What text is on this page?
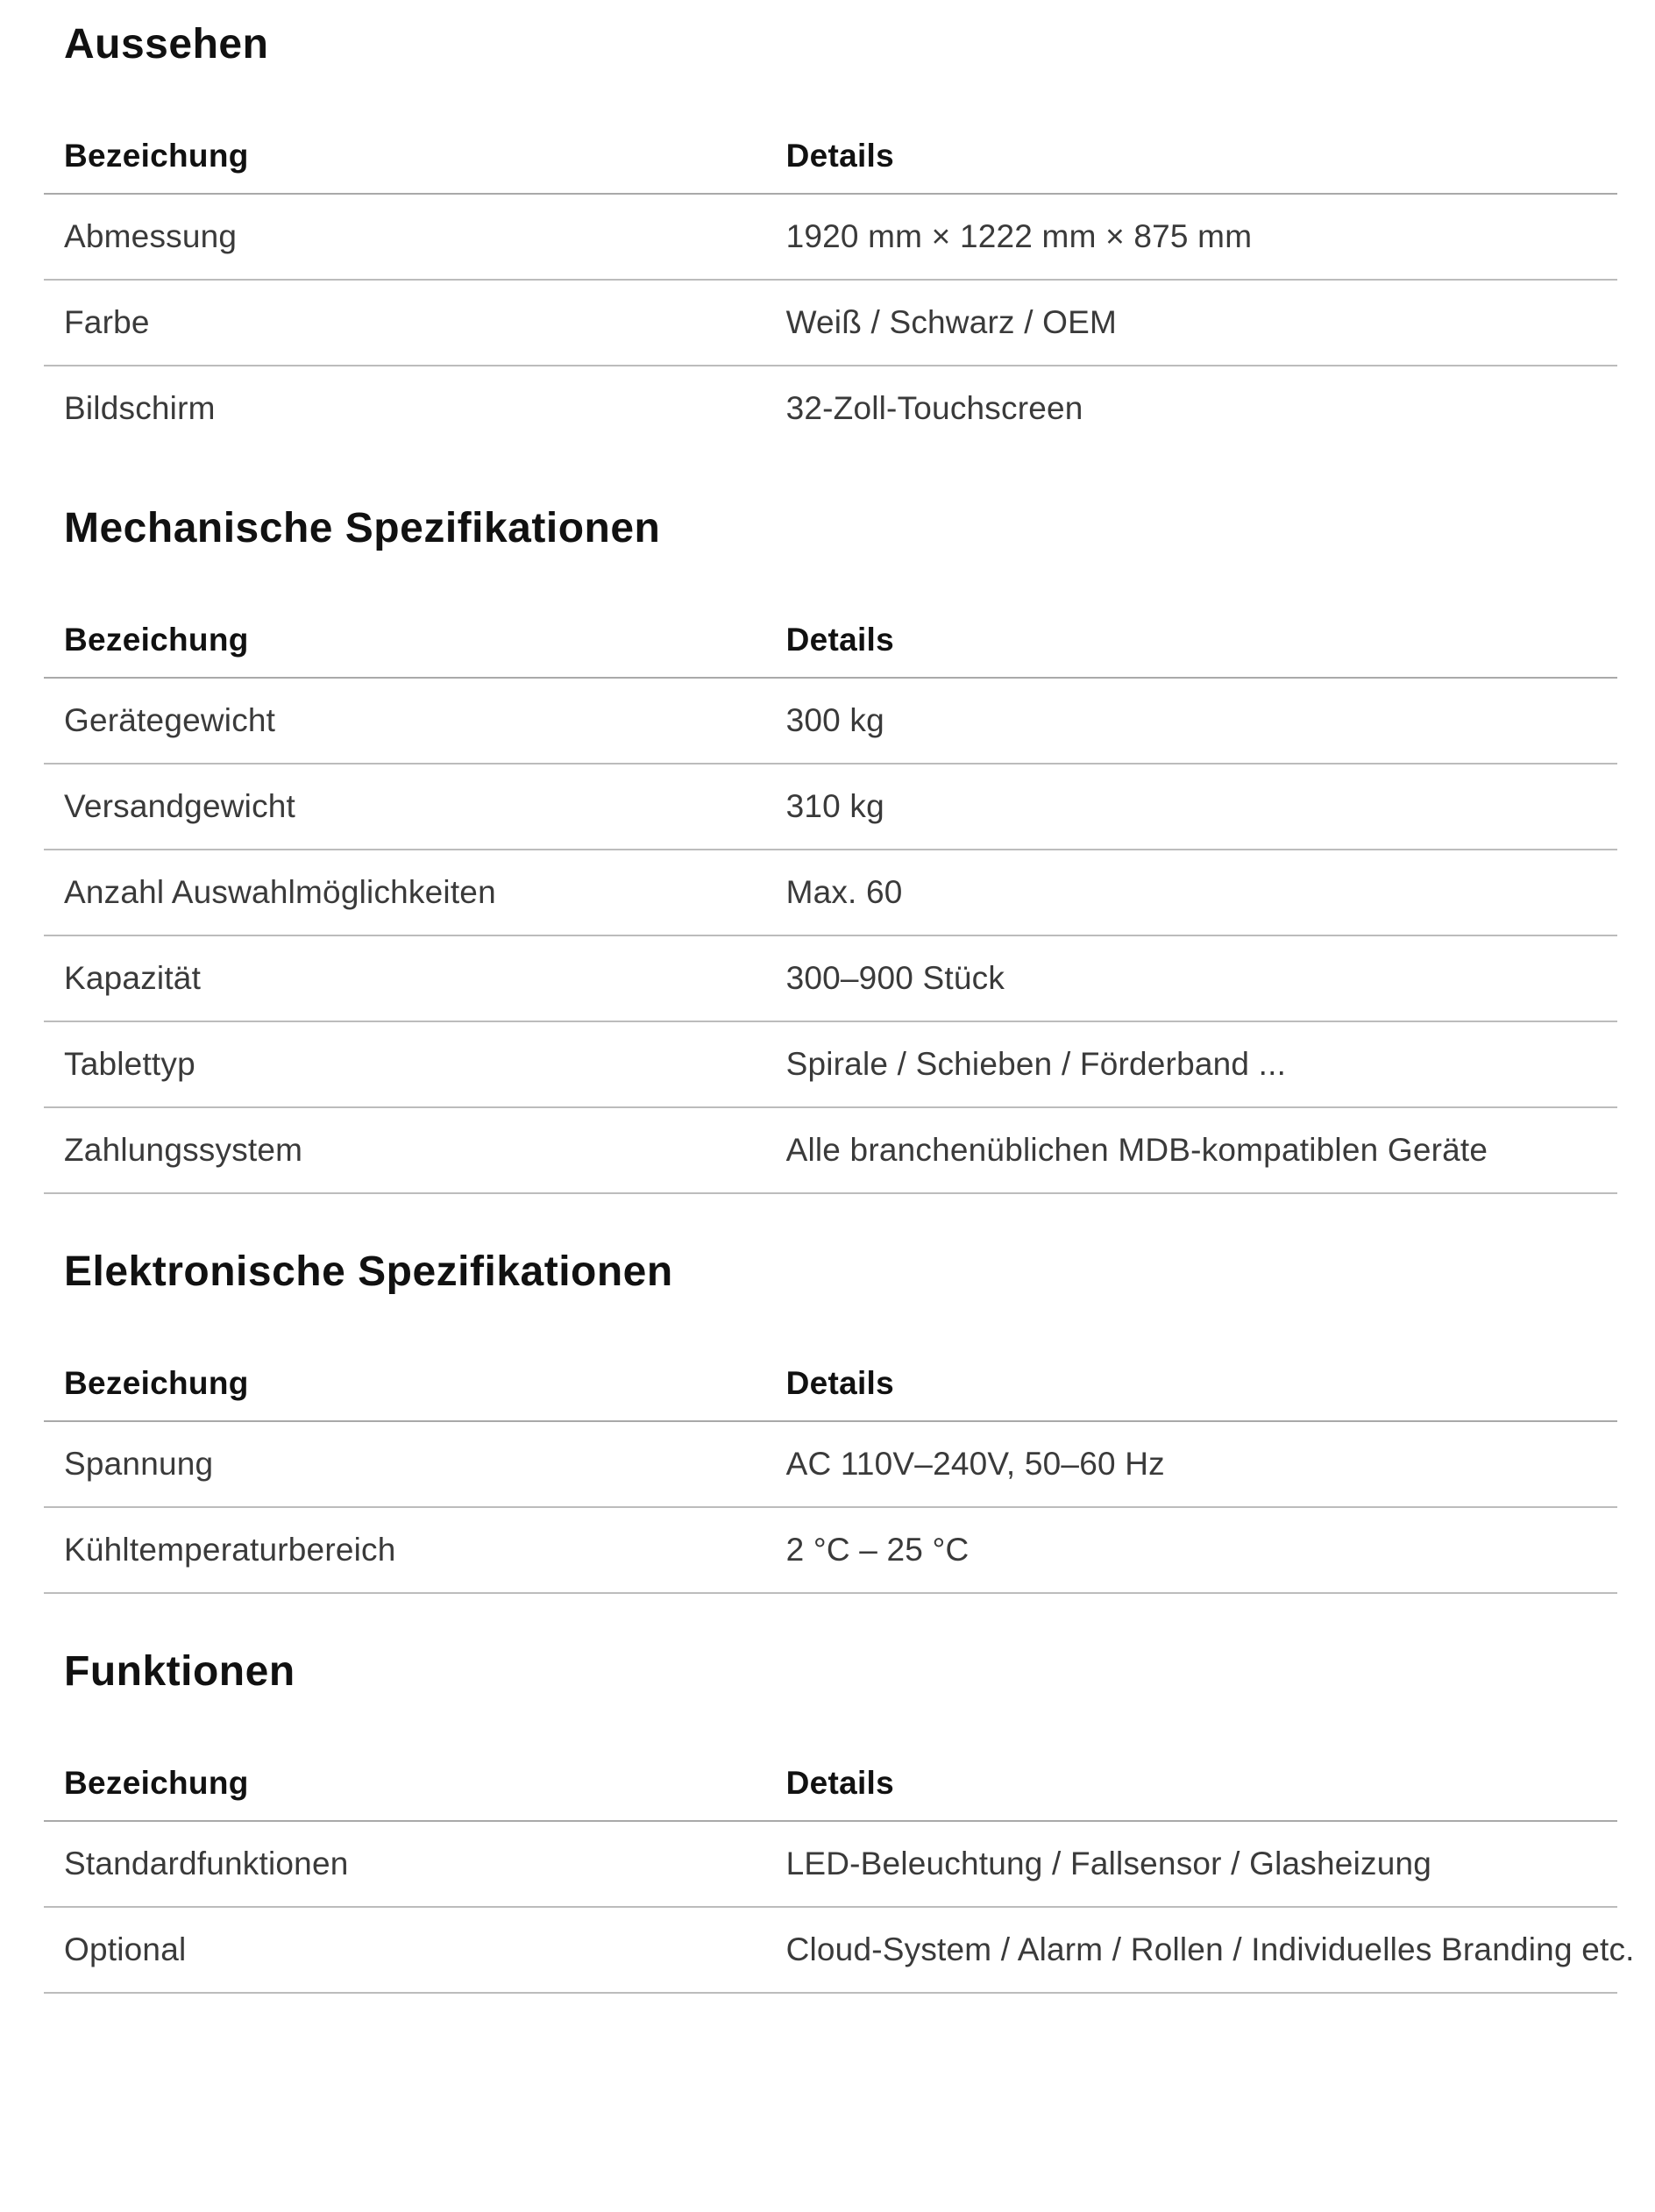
Aussehen
Bezeichung	Details
Abmessung	1920 mm × 1222 mm × 875 mm
Farbe	Weiß / Schwarz / OEM
Bildschirm	32-Zoll-Touchscreen
Mechanische Spezifikationen
Bezeichung	Details
Gerätegewicht	300 kg
Versandgewicht	310 kg
Anzahl Auswahlmöglichkeiten	Max. 60
Kapazität	300–900 Stück
Tablettyp	Spirale / Schieben / Förderband ...
Zahlungssystem	Alle branchenüblichen MDB-kompatiblen Geräte
Elektronische Spezifikationen
Bezeichung	Details
Spannung	AC 110V–240V, 50–60 Hz
Kühltemperaturbereich	2 °C – 25 °C
Funktionen
Bezeichung	Details
Standardfunktionen	LED-Beleuchtung / Fallsensor / Glasheizung
Optional	Cloud-System / Alarm / Rollen / Individuelles Branding etc.
